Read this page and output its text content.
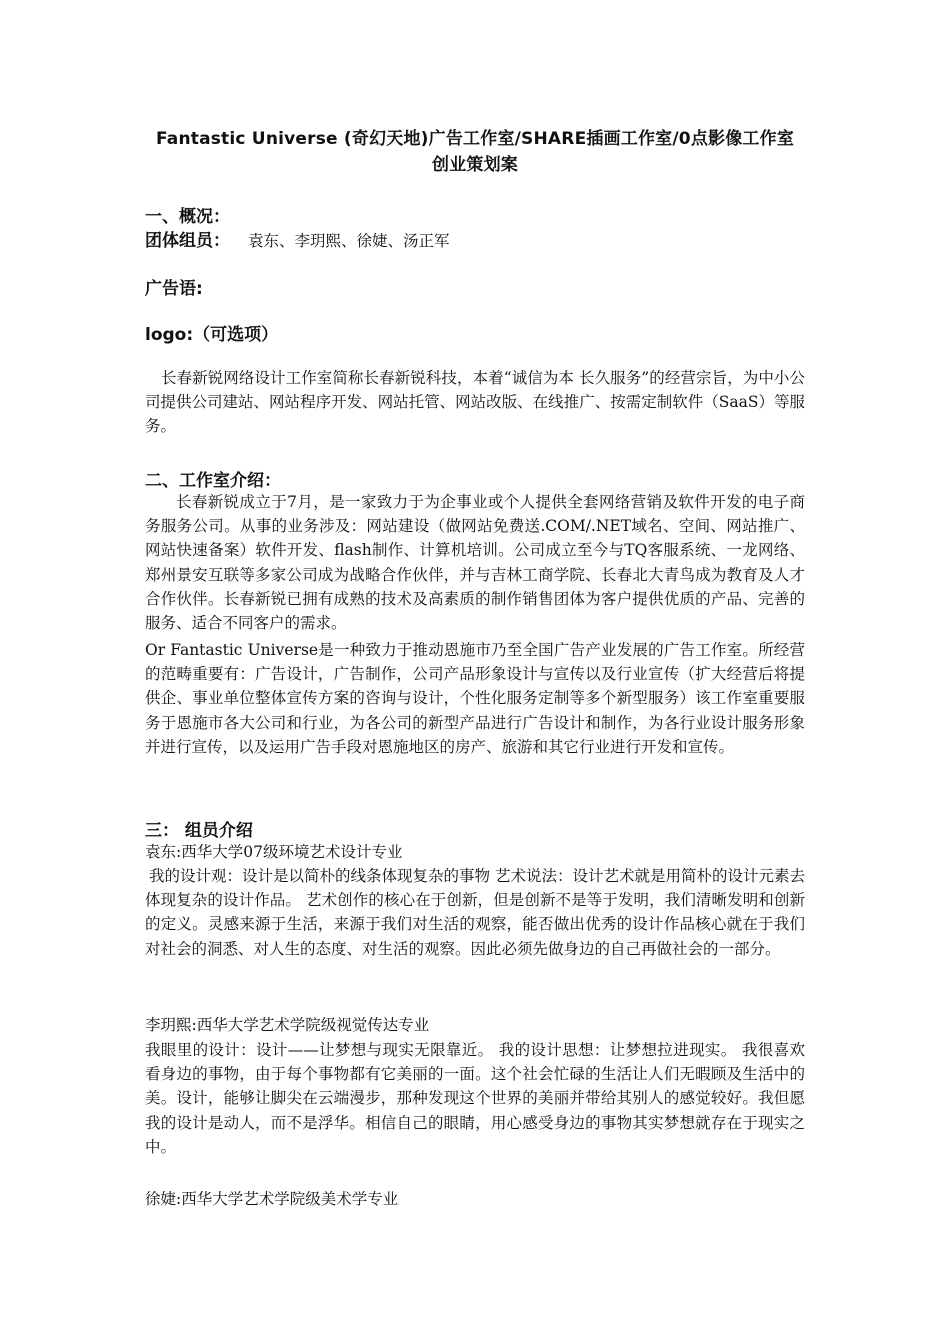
Fantastic Universe (奇幻天地)广告工作室/SHARE插画工作室/0点影像工作室
创业策划案
一、概况：
团体组员： 袁东、李玥熙、徐婕、汤正军
广告语:
logo:（可选项）
长春新锐网络设计工作室简称长春新锐科技，本着“诚信为本 长久服务”的经营宗旨，为中小公司提供公司建站、网站程序开发、网站托管、网站改版、在线推广、按需定制软件（SaaS）等服务。
二、工作室介绍：
长春新锐成立于7月，是一家致力于为企事业或个人提供全套网络营销及软件开发的电子商务服务公司。从事的业务涉及：网站建设（做网站免费送.COM/.NET域名、空间、网站推广、网站快速备案）软件开发、flash制作、计算机培训。公司成立至今与TQ客服系统、一龙网络、郑州景安互联等多家公司成为战略合作伙伴，并与吉林工商学院、长春北大青鸟成为教育及人才合作伙伴。长春新锐已拥有成熟的技术及高素质的制作销售团体为客户提供优质的产品、完善的服务、适合不同客户的需求。
Or Fantastic Universe是一种致力于推动恩施市乃至全国广告产业发展的广告工作室。所经营的范畴重要有：广告设计，广告制作，公司产品形象设计与宣传以及行业宣传（扩大经营后将提供企、事业单位整体宣传方案的咨询与设计，个性化服务定制等多个新型服务）该工作室重要服务于恩施市各大公司和行业，为各公司的新型产品进行广告设计和制作，为各行业设计服务形象并进行宣传，以及运用广告手段对恩施地区的房产、旅游和其它行业进行开发和宣传。
三： 组员介绍
袁东:西华大学07级环境艺术设计专业
我的设计观：设计是以简朴的线条体现复杂的事物 艺术说法：设计艺术就是用简朴的设计元素去体现复杂的设计作品。 艺术创作的核心在于创新，但是创新不是等于发明，我们清晰发明和创新的定义。灵感来源于生活，来源于我们对生活的观察，能否做出优秀的设计作品核心就在于我们对社会的洞悉、对人生的态度、对生活的观察。因此必须先做身边的自己再做社会的一部分。
李玥熙:西华大学艺术学院级视觉传达专业
我眼里的设计：设计——让梦想与现实无限靠近。 我的设计思想：让梦想拉进现实。 我很喜欢看身边的事物，由于每个事物都有它美丽的一面。这个社会忙碌的生活让人们无暇顾及生活中的美。设计，能够让脚尖在云端漫步，那种发现这个世界的美丽并带给其别人的感觉较好。我但愿我的设计是动人，而不是浮华。相信自己的眼睛，用心感受身边的事物其实梦想就存在于现实之中。
徐婕:西华大学艺术学院级美术学专业
